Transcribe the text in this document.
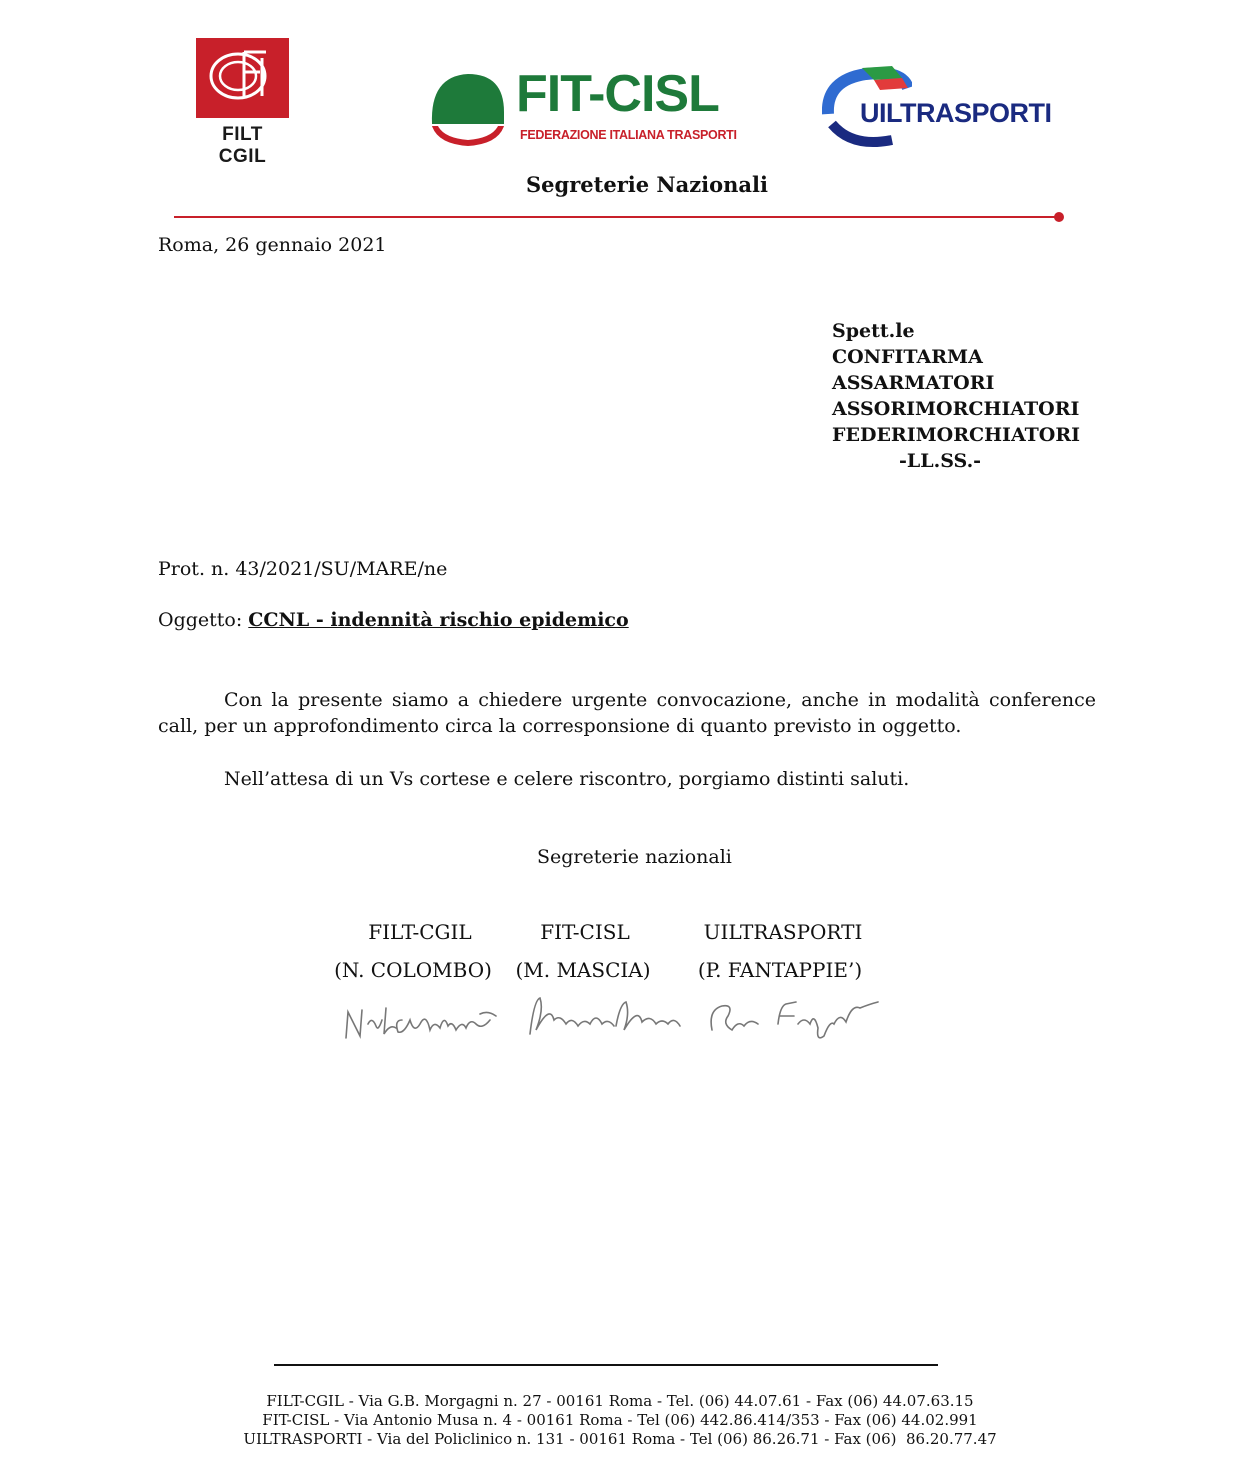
FILT CGIL
FIT-CISL
FEDERAZIONE ITALIANA TRASPORTI
UILTRASPORTI
Segreterie Nazionali
Roma, 26 gennaio 2021
Spett.le
CONFITARMA
ASSARMATORI
ASSORIMORCHIATORI
FEDERIMORCHIATORI
-LL.SS.-
Prot. n. 43/2021/SU/MARE/ne
Oggetto: CCNL - indennità rischio epidemico
Con la presente siamo a chiedere urgente convocazione, anche in modalità conference call, per un approfondimento circa la corresponsione di quanto previsto in oggetto.
Nell’attesa di un Vs cortese e celere riscontro, porgiamo distinti saluti.
Segreterie nazionali
FILT-CGIL	FIT-CISL	UILTRASPORTI
(N. COLOMBO) (M. MASCIA)	(P. FANTAPPIE’)
FILT-CGIL - Via G.B. Morgagni n. 27 - 00161 Roma - Tel. (06) 44.07.61 - Fax (06) 44.07.63.15
FIT-CISL - Via Antonio Musa n. 4 - 00161 Roma - Tel (06) 442.86.414/353 - Fax (06) 44.02.991
UILTRASPORTI - Via del Policlinico n. 131 - 00161 Roma - Tel (06) 86.26.71 - Fax (06)  86.20.77.47
